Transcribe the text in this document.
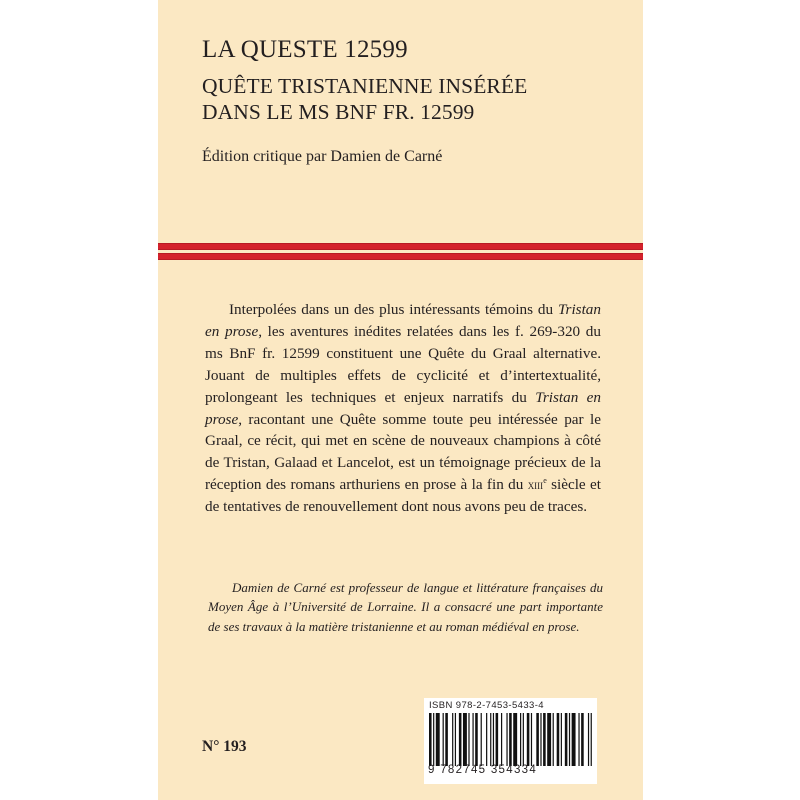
LA QUESTE 12599
QUÊTE TRISTANIENNE INSÉRÉE
DANS LE MS BNF FR. 12599

Édition critique par Damien de Carné

Interpolées dans un des plus intéressants témoins du Tristan en prose, les aventures inédites relatées dans les f. 269-320 du ms BnF fr. 12599 constituent une Quête du Graal alternative. Jouant de multiples effets de cyclicité et d’intertextualité, prolongeant les techniques et enjeux narratifs du Tristan en prose, racontant une Quête somme toute peu intéressée par le Graal, ce récit, qui met en scène de nouveaux champions à côté de Tristan, Galaad et Lancelot, est un témoignage précieux de la réception des romans arthuriens en prose à la fin du xiii$^e$ siècle et de tentatives de renouvellement dont nous avons peu de traces.

Damien de Carné est professeur de langue et littérature françaises du Moyen Âge à l’Université de Lorraine. Il a consacré une part importante de ses travaux à la matière tristanienne et au roman médiéval en prose.

N° 193

ISBN 978-2-7453-5433-4

9 782745 354334
